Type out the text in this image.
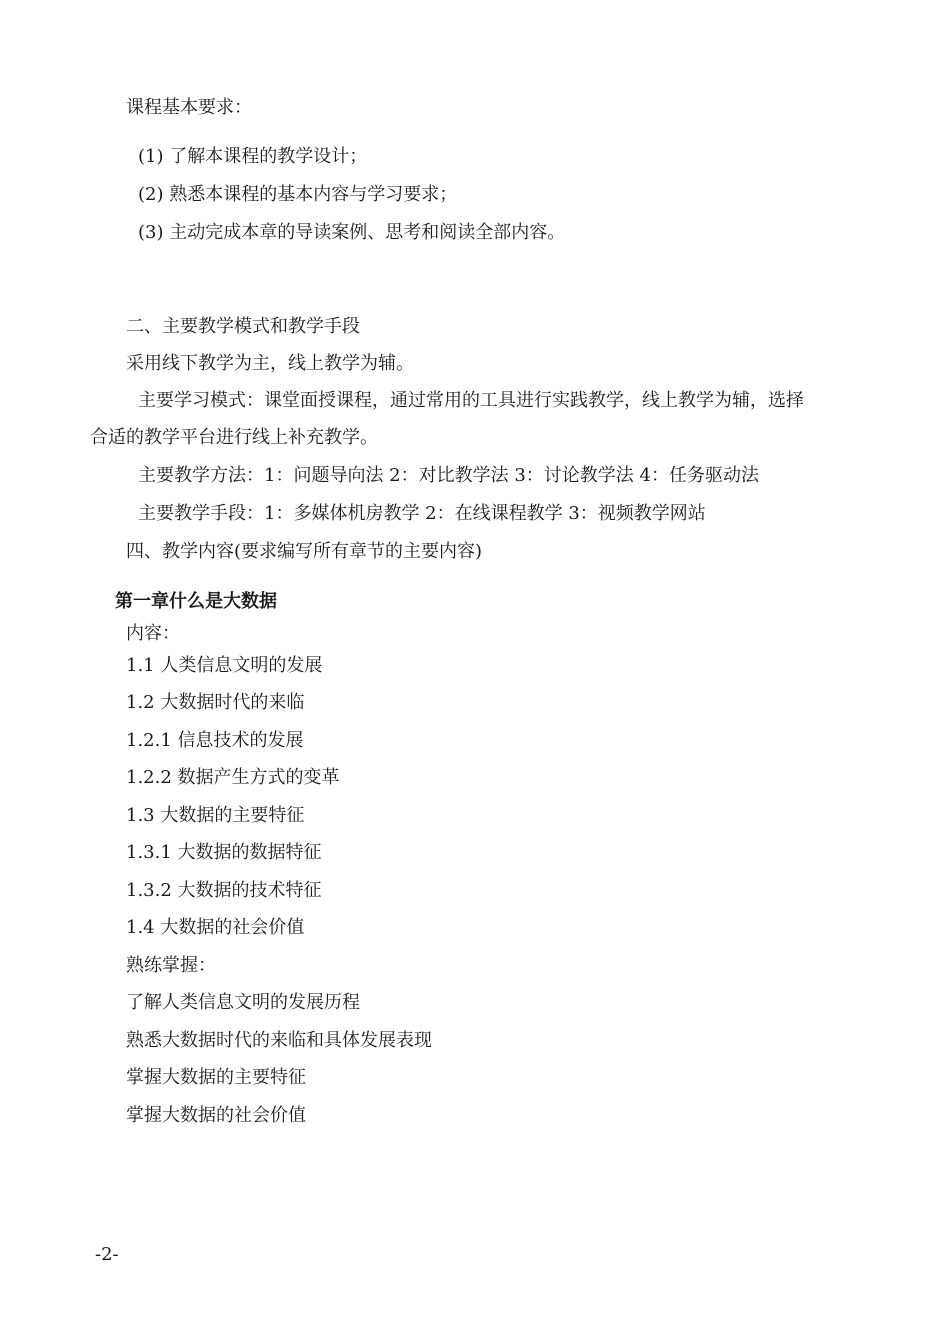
课程基本要求：
(1) 了解本课程的教学设计；
(2) 熟悉本课程的基本内容与学习要求；
(3) 主动完成本章的导读案例、思考和阅读全部内容。
二、主要教学模式和教学手段
采用线下教学为主，线上教学为辅。
主要学习模式：课堂面授课程，通过常用的工具进行实践教学，线上教学为辅，选择
合适的教学平台进行线上补充教学。
主要教学方法：1：问题导向法 2：对比教学法 3：讨论教学法 4：任务驱动法
主要教学手段：1：多媒体机房教学 2：在线课程教学 3：视频教学网站
四、教学内容(要求编写所有章节的主要内容)
第一章什么是大数据
内容：
1.1 人类信息文明的发展
1.2 大数据时代的来临
1.2.1 信息技术的发展
1.2.2 数据产生方式的变革
1.3 大数据的主要特征
1.3.1 大数据的数据特征
1.3.2 大数据的技术特征
1.4 大数据的社会价值
熟练掌握：
了解人类信息文明的发展历程
熟悉大数据时代的来临和具体发展表现
掌握大数据的主要特征
掌握大数据的社会价值
-2-
